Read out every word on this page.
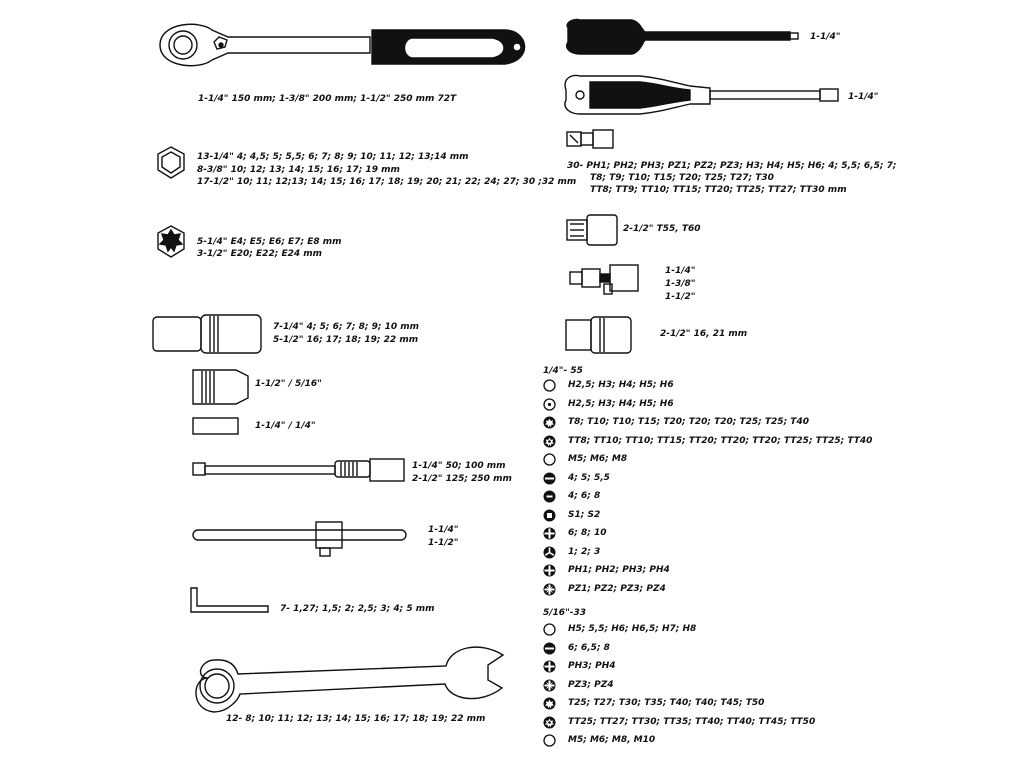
1-1/4" 150 mm; 1-3/8" 200 mm; 1-1/2" 250 mm 72T
13-1/4" 4; 4,5; 5; 5,5; 6; 7; 8; 9; 10; 11; 12; 13;14 mm
8-3/8" 10; 12; 13; 14; 15; 16; 17; 19 mm
17-1/2" 10; 11; 12;13; 14; 15; 16; 17; 18; 19; 20; 21; 22; 24; 27; 30 ;32 mm
5-1/4" E4; E5; E6; E7; E8 mm
3-1/2" E20; E22; E24 mm
7-1/4" 4; 5; 6; 7; 8; 9; 10 mm
5-1/2" 16; 17; 18; 19; 22 mm
1-1/2" / 5/16"
1-1/4" / 1/4"
1-1/4" 50; 100 mm
2-1/2" 125; 250 mm
1-1/4"
1-1/2"
7- 1,27; 1,5; 2; 2,5; 3; 4; 5 mm
12- 8; 10; 11; 12; 13; 14; 15; 16; 17; 18; 19; 22 mm
1-1/4"
1-1/4"
30- PH1; PH2; PH3; PZ1; PZ2; PZ3; H3; H4; H5; H6; 4; 5,5; 6,5; 7;
T8; T9; T10; T15; T20; T25; T27; T30
TT8; TT9; TT10; TT15; TT20; TT25; TT27; TT30 mm
2-1/2" T55, T60
1-1/4"
1-3/8"
1-1/2"
2-1/2" 16, 21 mm
1/4"- 55
H2,5; H3; H4; H5; H6
H2,5; H3; H4; H5; H6
T8; T10; T10; T15; T20; T20; T20; T25; T25; T40
TT8; TT10; TT10; TT15; TT20; TT20; TT20; TT25; TT25; TT40
M5; M6; M8
4; 5; 5,5
4; 6; 8
S1; S2
6; 8; 10
1; 2; 3
PH1; PH2; PH3; PH4
PZ1; PZ2; PZ3; PZ4
5/16"-33
H5; 5,5; H6; H6,5; H7; H8
6; 6,5; 8
PH3; PH4
PZ3; PZ4
T25; T27; T30; T35; T40; T40; T45; T50
TT25; TT27; TT30; TT35; TT40; TT40; TT45; TT50
M5; M6; M8, M10
